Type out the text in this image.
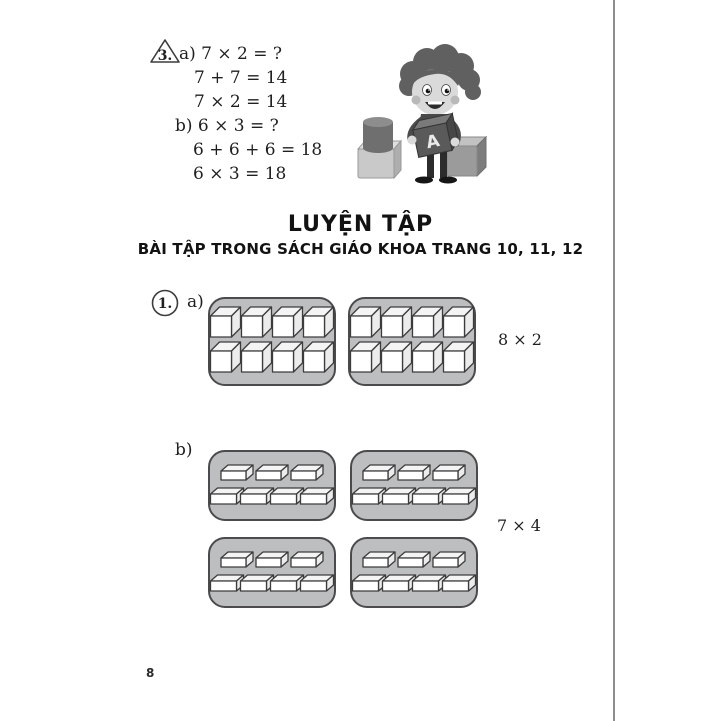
3. a) 7 × 2 = ?
7 + 7 = 14
7 × 2 = 14
b) 6 × 3 = ?
6 + 6 + 6 = 18
6 × 3 = 18
A
LUYỆN TẬP
BÀI TẬP TRONG SÁCH GIÁO KHOA TRANG 10, 11, 12
1. a)
8 × 2
b)
7 × 4
8
